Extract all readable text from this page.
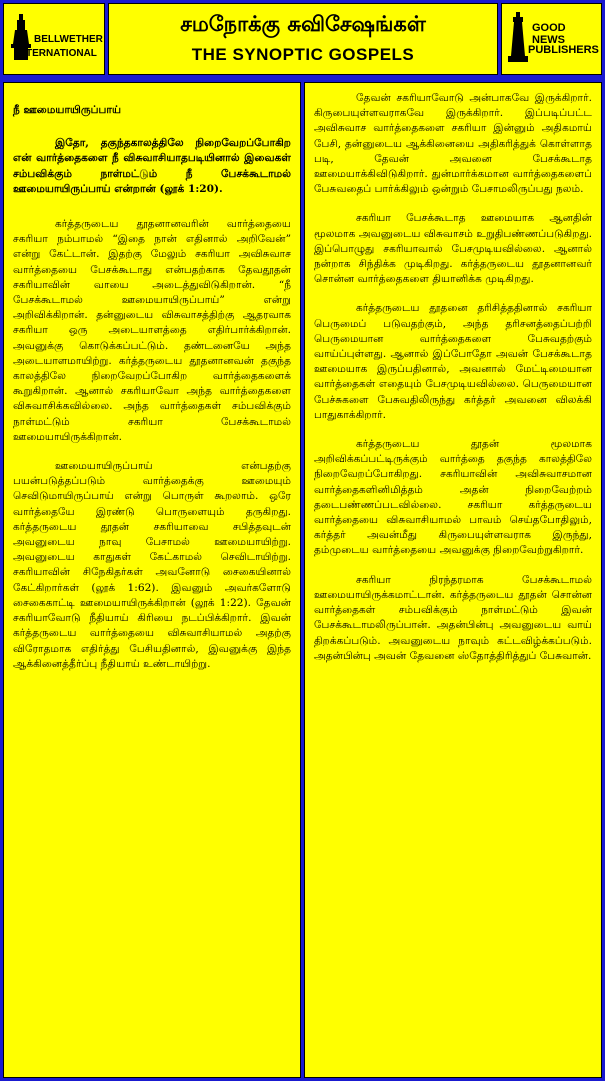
BELLWETHER
INTERNATIONAL
சமநோக்கு சுவிசேஷங்கள்
THE SYNOPTIC GOSPELS
GOOD NEWS
PUBLISHERS
நீ ஊமையாயிருப்பாய்

இதோ, தகுந்தகாலத்திலே நிறைவேறப்போகிற என் வார்த்தைகளை நீ விசுவாசியாதபடியினால் இவைகள் சம்பவிக்கும் நாள்மட்டும் நீ பேசக்கூடாமல் ஊமையாயிருப்பாய் என்றான் (லூக் 1:20).

கர்த்தருடைய தூதனானவரின் வார்த்தையை சகரியா நம்பாமல் “இதை நான் எதினால் அறிவேன்” என்று கேட்டான். இதற்கு மேலும் சகரியா அவிசுவாச வார்த்தையை பேசக்கூடாது என்பதற்காக தேவதூதன் சகரியாவின் வாயை அடைத்துவிடுகிறான். “நீ பேசக்கூடாமல் ஊமையாயிருப்பாய்” என்று அறிவிக்கிறான். தன்னுடைய விசுவாசத்திற்கு ஆதரவாக சகரியா ஒரு அடையாளத்தை எதிர்பார்க்கிறான். அவனுக்கு கொடுக்கப்பட்டும். தண்டனையே அந்த அடையாளமாயிற்று. கர்த்தருடைய தூதனானவன் தகுந்த காலத்திலே நிறைவேறப்போகிற வார்த்தைகளைக் கூறுகிறான். ஆனால் சகரியாவோ அந்த வார்த்தைகளை விசுவாசிக்கவில்லை. அந்த வார்த்தைகள் சம்பவிக்கும் நாள்மட்டும் சகரியா பேசக்கூடாமல் ஊமையாயிருக்கிறான்.

ஊமையாயிருப்பாய் என்பதற்கு பயன்படுத்தப்படும் வார்த்தைக்கு ஊமையும் செவிடுமாயிருப்பாய் என்று பொருள் கூறலாம். ஒரே வார்த்தையே இரண்டு பொருளையும் தருகிறது. கர்த்தருடைய தூதன் சகரியாவை சபித்தவுடன் அவனுடைய நாவு பேசாமல் ஊமையாயிற்று. அவனுடைய காதுகள் கேட்காமல் செவிடாயிற்று. சகரியாவின் சிநேகிதர்கள் அவனோடு சைகையினால் கேட்கிறார்கள் (லூக் 1:62). இவனும் அவர்களோடு சைகைகாட்டி ஊமையாயிருக்கிறான் (லூக் 1:22). தேவன் சகரியாவோடு நீதியாய் கிரியை நடப்பிக்கிறார். இவன் கர்த்தருடைய வார்த்தையை விசுவாசியாமல் அதற்கு விரோதமாக எதிர்த்து பேசியதினால், இவனுக்கு இந்த ஆக்கினைத்தீர்ப்பு நீதியாய் உண்டாயிற்று.

தேவன் சகரியாவோடு அன்பாகவே இருக்கிறார். கிருபையுள்ளவராகவே இருக்கிறார். இப்படிப்பட்ட அவிசுவாச வார்த்தைகளை சகரியா இன்னும் அதிகமாய் பேசி, தன்னுடைய ஆக்கினையை அதிகரித்துக் கொள்ளாத படி, தேவன் அவனை பேசக்கூடாத ஊமையாக்கிவிடுகிறார். துன்மார்க்கமான வார்த்தைகளைப் பேசுவதைப் பார்க்கிலும் ஒன்றும் பேசாமலிருப்பது நலம்.

சகரியா பேசக்கூடாத ஊமையாக ஆனதின் மூலமாக அவனுடைய விசுவாசம் உறுதிபண்ணப்படுகிறது. இப்பொழுது சகரியாவால் பேசமுடியவில்லை. ஆனால் நன்றாக சிந்திக்க முடிகிறது. கர்த்தருடைய தூதனானவர் சொன்ன வார்த்தைகளை தியானிக்க முடிகிறது.

கர்த்தருடைய தூதனை தரிசித்ததினால் சகரியா பெருமைப் படுவதற்கும், அந்த தரிசனத்தைப்பற்றி பெருமையான வார்த்தைகளை பேசுவதற்கும் வாய்ப்புள்ளது. ஆனால் இப்போதோ அவன் பேசக்கூடாத ஊமையாக இருப்பதினால், அவனால் மேட்டிமையான வார்த்தைகள் எதையும் பேசமுடியவில்லை. பெருமையான பேச்சுகளை பேசுவதிலிருந்து கர்த்தர் அவனை விலக்கி பாதுகாக்கிறார்.

கர்த்தருடைய தூதன் மூலமாக அறிவிக்கப்பட்டிருக்கும் வார்த்தை தகுந்த காலத்திலே நிறைவேறப்போகிறது. சகரியாவின் அவிசுவாசமான வார்த்தைகளினிமித்தம் அதன் நிறைவேற்றம் தடைபண்ணப்படவில்லை. சகரியா கர்த்தருடைய வார்த்தையை விசுவாசியாமல் பாவம் செய்தபோதிலும், கர்த்தர் அவன்மீது கிருபையுள்ளவராக இருந்து, தம்முடைய வார்த்தையை அவனுக்கு நிறைவேற்றுகிறார்.

சகரியா நிரந்தரமாக பேசக்கூடாமல் ஊமையாயிருக்கமாட்டான். கர்த்தருடைய தூதன் சொன்ன வார்த்தைகள் சம்பவிக்கும் நாள்மட்டும் இவன் பேசக்கூடாமலிருப்பான். அதன்பின்பு அவனுடைய வாய் திறக்கப்படும். அவனுடைய நாவும் கட்டவிழ்க்கப்படும். அதன்பின்பு அவன் தேவனை ஸ்தோத்திரித்துப் பேசுவான்.
